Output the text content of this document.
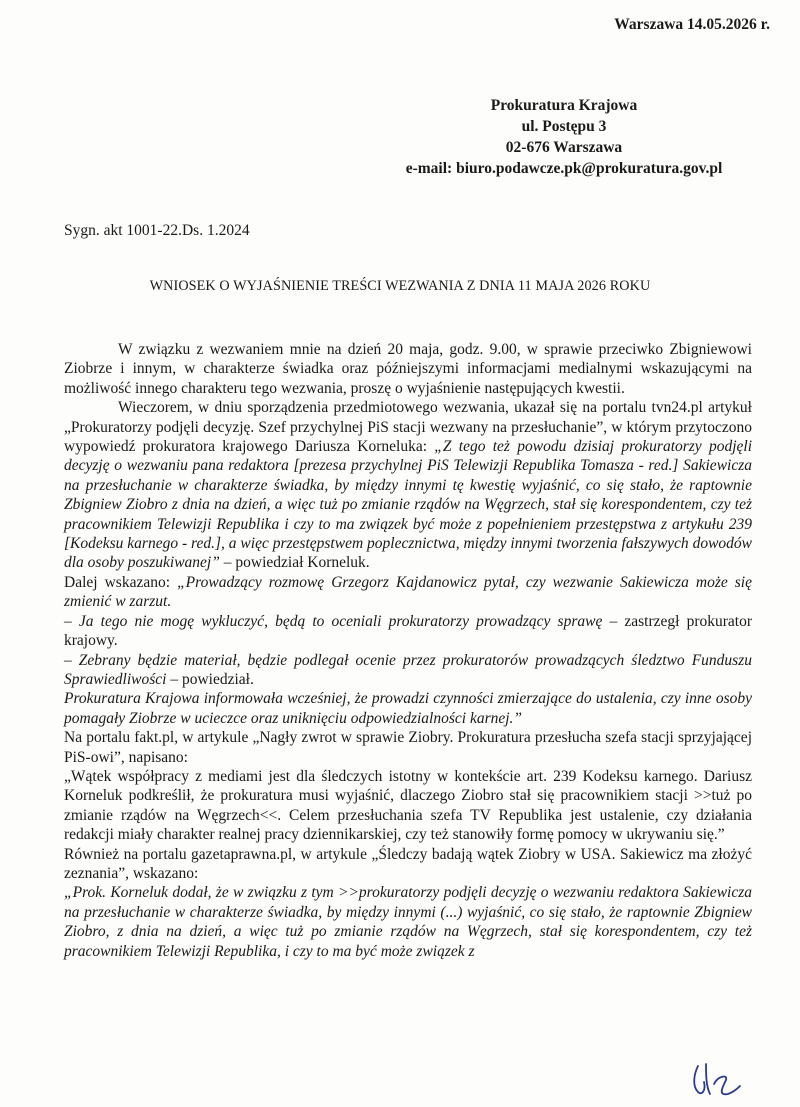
Warszawa 14.05.2026 r.
Prokuratura Krajowa
ul. Postępu 3
02-676 Warszawa
e-mail: biuro.podawcze.pk@prokuratura.gov.pl
Sygn. akt 1001-22.Ds. 1.2024
WNIOSEK O WYJAŚNIENIE TREŚCI WEZWANIA Z DNIA 11 MAJA 2026 ROKU

W związku z wezwaniem mnie na dzień 20 maja, godz. 9.00, w sprawie przeciwko Zbigniewowi Ziobrze i innym, w charakterze świadka oraz późniejszymi informacjami medialnymi wskazującymi na możliwość innego charakteru tego wezwania, proszę o wyjaśnienie następujących kwestii.

Wieczorem, w dniu sporządzenia przedmiotowego wezwania, ukazał się na portalu tvn24.pl artykuł „Prokuratorzy podjęli decyzję. Szef przychylnej PiS stacji wezwany na przesłuchanie”, w którym przytoczono wypowiedź prokuratora krajowego Dariusza Korneluka: „Z tego też powodu dzisiaj prokuratorzy podjęli decyzję o wezwaniu pana redaktora [prezesa przychylnej PiS Telewizji Republika Tomasza - red.] Sakiewicza na przesłuchanie w charakterze świadka, by między innymi tę kwestię wyjaśnić, co się stało, że raptownie Zbigniew Ziobro z dnia na dzień, a więc tuż po zmianie rządów na Węgrzech, stał się korespondentem, czy też pracownikiem Telewizji Republika i czy to ma związek być może z popełnieniem przestępstwa z artykułu 239 [Kodeksu karnego - red.], a więc przestępstwem poplecznictwa, między innymi tworzenia fałszywych dowodów dla osoby poszukiwanej” – powiedział Korneluk.

Dalej wskazano: „Prowadzący rozmowę Grzegorz Kajdanowicz pytał, czy wezwanie Sakiewicza może się zmienić w zarzut.

– Ja tego nie mogę wykluczyć, będą to oceniali prokuratorzy prowadzący sprawę – zastrzegł prokurator krajowy.

– Zebrany będzie materiał, będzie podlegał ocenie przez prokuratorów prowadzących śledztwo Funduszu Sprawiedliwości – powiedział.

Prokuratura Krajowa informowała wcześniej, że prowadzi czynności zmierzające do ustalenia, czy inne osoby pomagały Ziobrze w ucieczce oraz uniknięciu odpowiedzialności karnej.”

Na portalu fakt.pl, w artykule „Nagły zwrot w sprawie Ziobry. Prokuratura przesłucha szefa stacji sprzyjającej PiS-owi”, napisano:

„Wątek współpracy z mediami jest dla śledczych istotny w kontekście art. 239 Kodeksu karnego. Dariusz Korneluk podkreślił, że prokuratura musi wyjaśnić, dlaczego Ziobro stał się pracownikiem stacji >>tuż po zmianie rządów na Węgrzech<<. Celem przesłuchania szefa TV Republika jest ustalenie, czy działania redakcji miały charakter realnej pracy dziennikarskiej, czy też stanowiły formę pomocy w ukrywaniu się.”

Również na portalu gazetaprawna.pl, w artykule „Śledczy badają wątek Ziobry w USA. Sakiewicz ma złożyć zeznania”, wskazano:

„Prok. Korneluk dodał, że w związku z tym >>prokuratorzy podjęli decyzję o wezwaniu redaktora Sakiewicza na przesłuchanie w charakterze świadka, by między innymi (...) wyjaśnić, co się stało, że raptownie Zbigniew Ziobro, z dnia na dzień, a więc tuż po zmianie rządów na Węgrzech, stał się korespondentem, czy też pracownikiem Telewizji Republika, i czy to ma być może związek z
